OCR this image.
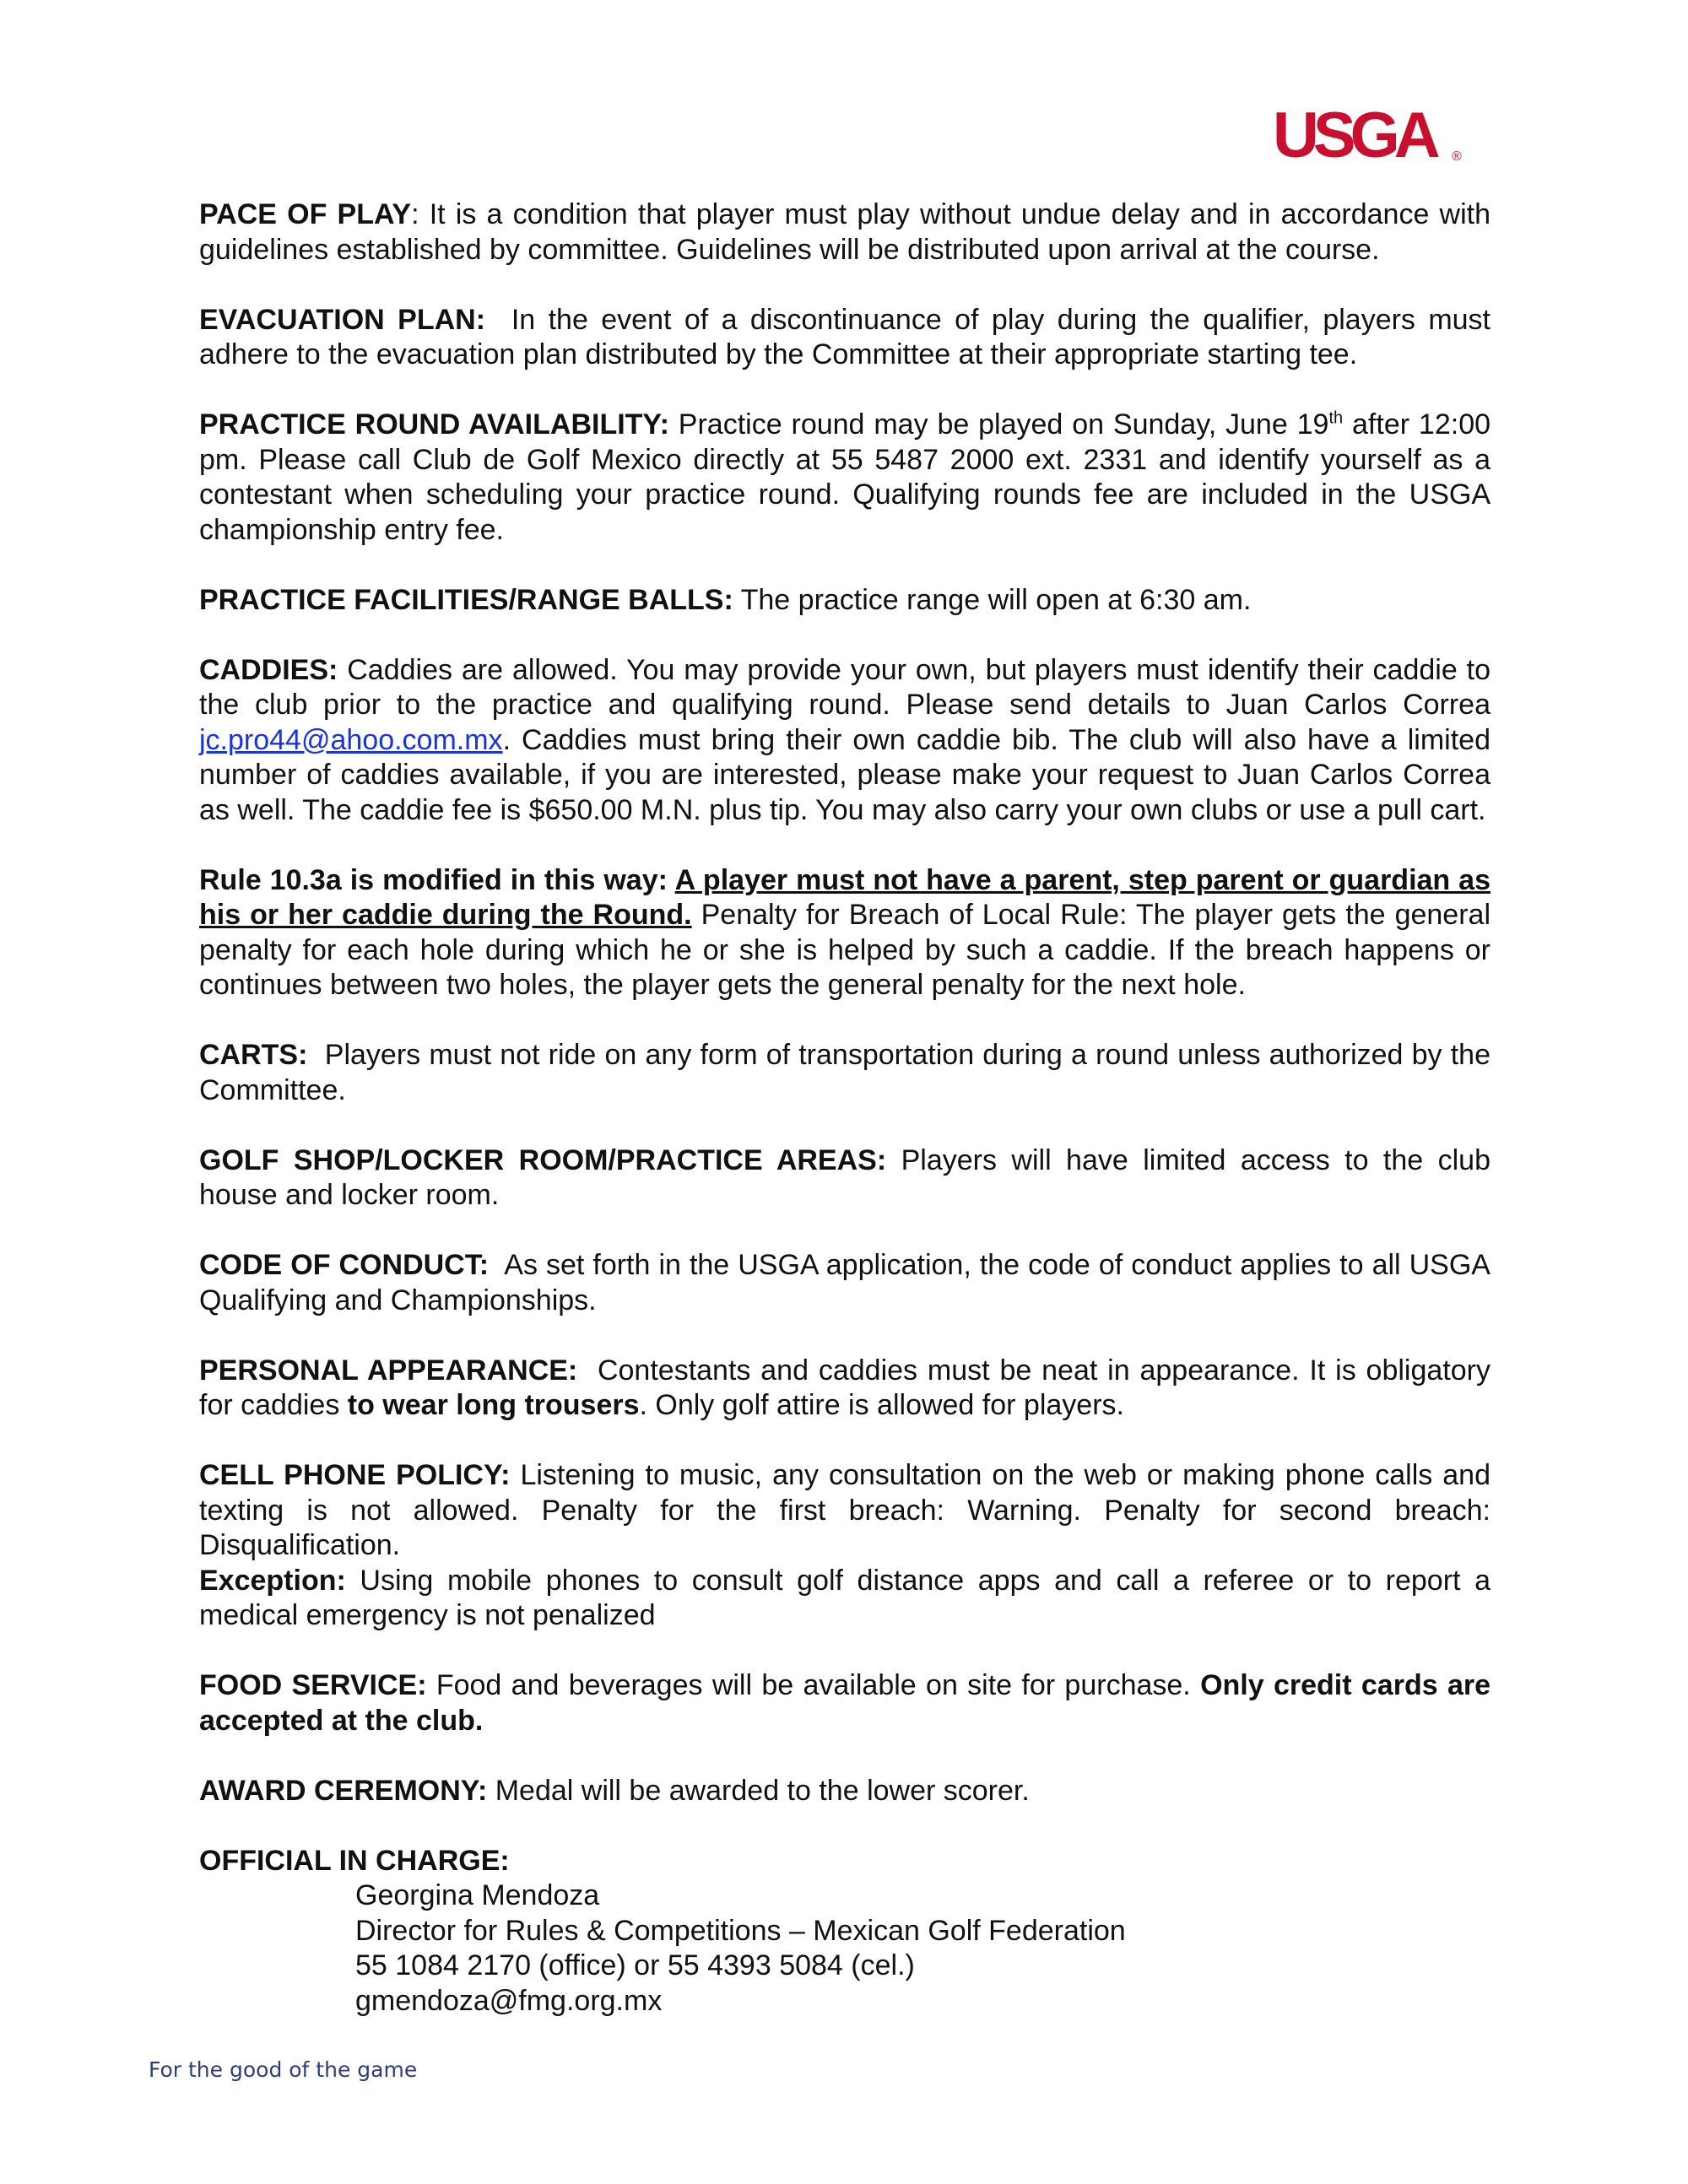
USGA	®

PACE OF PLAY: It is a condition that player must play without undue delay and in accordance with guidelines established by committee. Guidelines will be distributed upon arrival at the course.

EVACUATION PLAN:  In the event of a discontinuance of play during the qualifier, players must adhere to the evacuation plan distributed by the Committee at their appropriate starting tee.

PRACTICE ROUND AVAILABILITY: Practice round may be played on Sunday, June 19th after 12:00 pm. Please call Club de Golf Mexico directly at 55 5487 2000 ext. 2331 and identify yourself as a contestant when scheduling your practice round. Qualifying rounds fee are included in the USGA championship entry fee.

PRACTICE FACILITIES/RANGE BALLS: The practice range will open at 6:30 am.

CADDIES: Caddies are allowed. You may provide your own, but players must identify their caddie to the club prior to the practice and qualifying round. Please send details to Juan Carlos Correa jc.pro44@ahoo.com.mx. Caddies must bring their own caddie bib. The club will also have a limited number of caddies available, if you are interested, please make your request to Juan Carlos Correa as well. The caddie fee is $650.00 M.N. plus tip. You may also carry your own clubs or use a pull cart.

Rule 10.3a is modified in this way: A player must not have a parent, step parent or guardian as his or her caddie during the Round. Penalty for Breach of Local Rule: The player gets the general penalty for each hole during which he or she is helped by such a caddie. If the breach happens or continues between two holes, the player gets the general penalty for the next hole.

CARTS:  Players must not ride on any form of transportation during a round unless authorized by the Committee.

GOLF SHOP/LOCKER ROOM/PRACTICE AREAS: Players will have limited access to the club house and locker room.

CODE OF CONDUCT:  As set forth in the USGA application, the code of conduct applies to all USGA Qualifying and Championships.

PERSONAL APPEARANCE:  Contestants and caddies must be neat in appearance. It is obligatory for caddies to wear long trousers. Only golf attire is allowed for players.

CELL PHONE POLICY: Listening to music, any consultation on the web or making phone calls and texting is not allowed. Penalty for the first breach: Warning. Penalty for second breach: Disqualification.

Exception: Using mobile phones to consult golf distance apps and call a referee or to report a medical emergency is not penalized

FOOD SERVICE: Food and beverages will be available on site for purchase. Only credit cards are accepted at the club.

AWARD CEREMONY: Medal will be awarded to the lower scorer.

OFFICIAL IN CHARGE:
Georgina Mendoza
Director for Rules & Competitions – Mexican Golf Federation
55 1084 2170 (office) or 55 4393 5084 (cel.)
gmendoza@fmg.org.mx
For the good of the game
